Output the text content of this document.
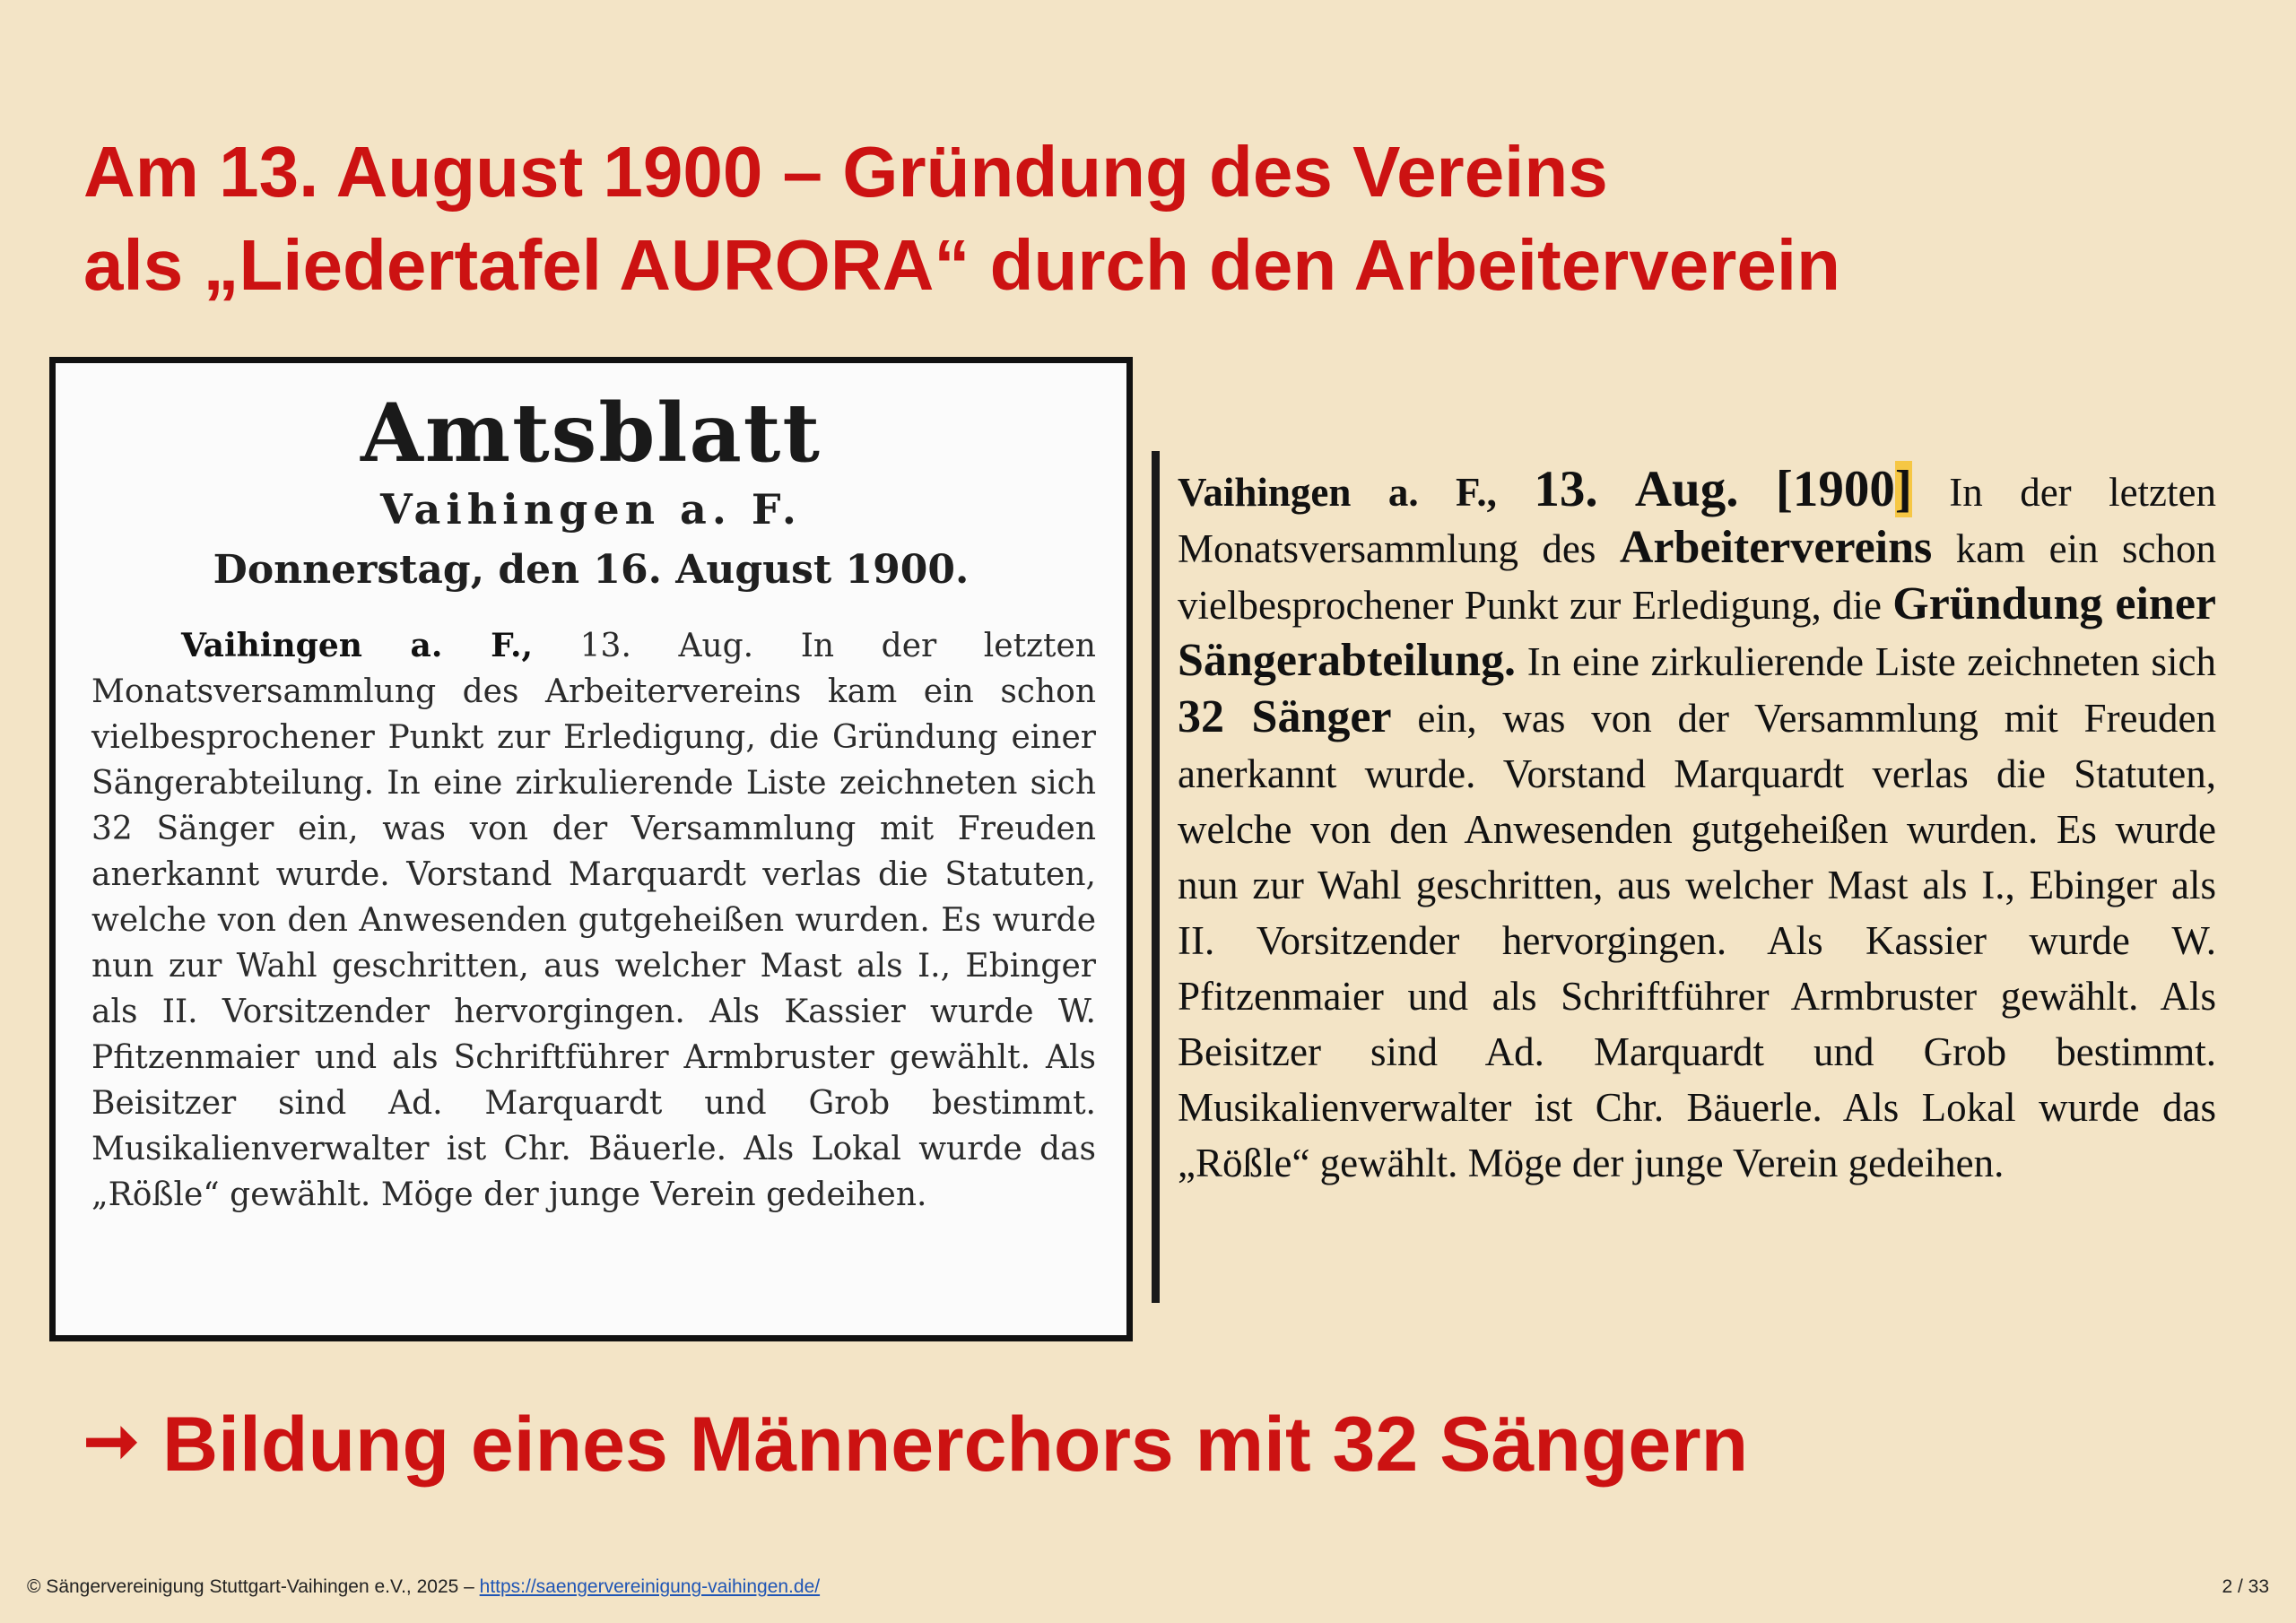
Am 13. August 1900 – Gründung des Vereins
als „Liedertafel AURORA“ durch den Arbeiterverein
Amtsblatt
Vaihingen a. F.
Donnerstag, den 16. August 1900.
Vaihingen a. F., 13. Aug. In der letzten Monatsversammlung des Arbeitervereins kam ein schon vielbesprochener Punkt zur Erledigung, die Gründung einer Sängerabteilung. In eine zirkulierende Liste zeichneten sich 32 Sänger ein, was von der Versammlung mit Freuden anerkannt wurde. Vorstand Marquardt verlas die Statuten, welche von den Anwesenden gutgeheißen wurden. Es wurde nun zur Wahl geschritten, aus welcher Mast als I., Ebinger als II. Vorsitzender hervorgingen. Als Kassier wurde W. Pfitzenmaier und als Schriftführer Armbruster gewählt. Als Beisitzer sind Ad. Marquardt und Grob bestimmt. Musikalienverwalter ist Chr. Bäuerle. Als Lokal wurde das „Rößle“ gewählt. Möge der junge Verein gedeihen.
Vaihingen a. F., 13. Aug. [1900] In der letzten Monatsversammlung des Arbeitervereins kam ein schon vielbesprochener Punkt zur Erledigung, die Gründung einer Sängerabteilung. In eine zirkulierende Liste zeichneten sich 32 Sänger ein, was von der Versammlung mit Freuden anerkannt wurde. Vorstand Marquardt verlas die Statuten, welche von den Anwesenden gutgeheißen wurden. Es wurde nun zur Wahl geschritten, aus welcher Mast als I., Ebinger als II. Vorsitzender hervorgingen. Als Kassier wurde W. Pfitzenmaier und als Schriftführer Armbruster gewählt. Als Beisitzer sind Ad. Marquardt und Grob bestimmt. Musikalienverwalter ist Chr. Bäuerle. Als Lokal wurde das „Rößle“ gewählt. Möge der junge Verein gedeihen.
➞ Bildung eines Männerchors mit 32 Sängern
© Sängervereinigung Stuttgart-Vaihingen e.V., 2025 – https://saengervereinigung-vaihingen.de/	2 / 33
